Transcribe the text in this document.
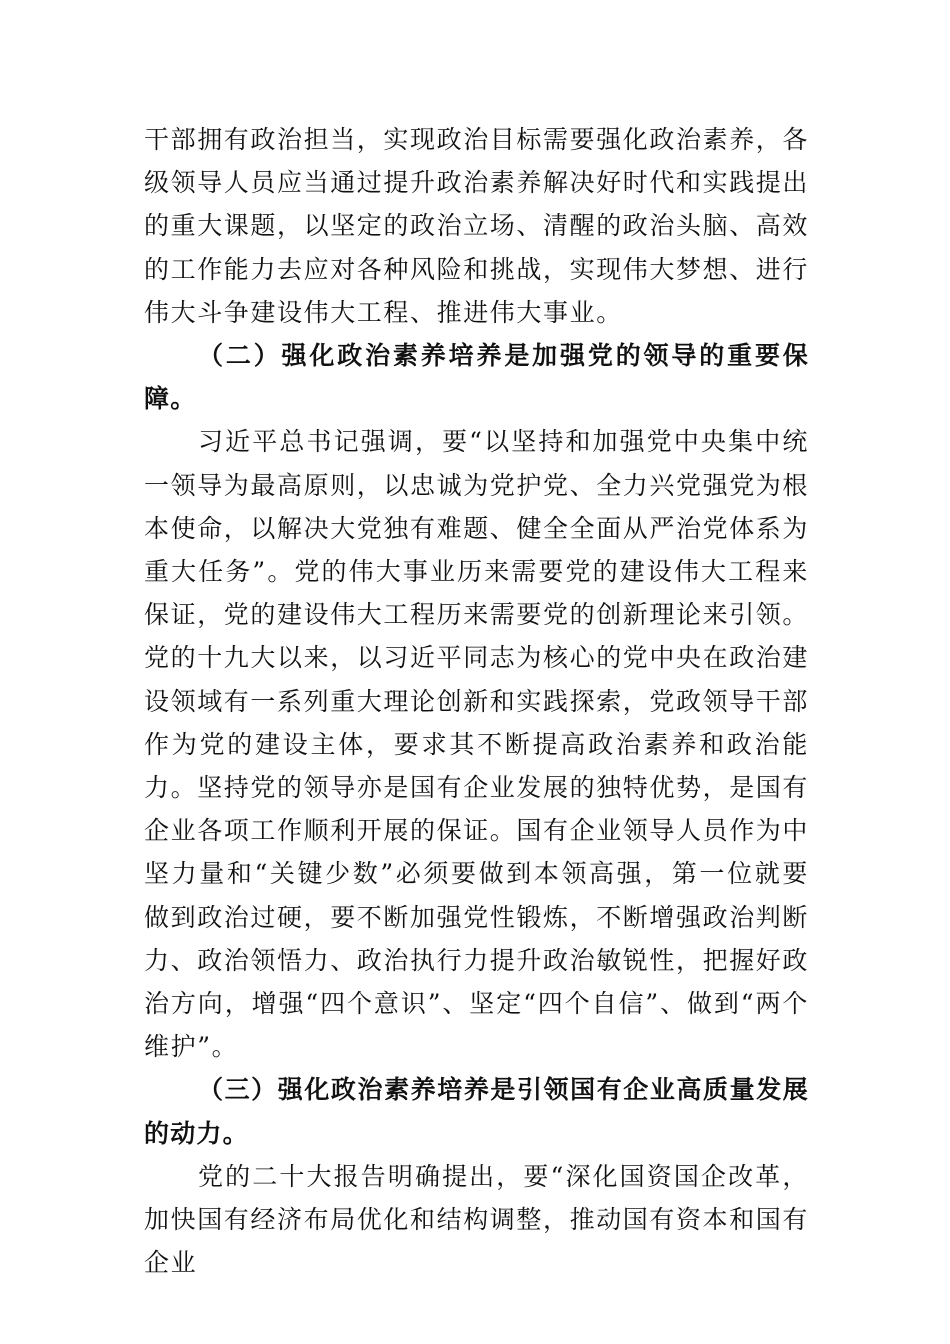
干部拥有政治担当，实现政治目标需要强化政治素养，各级领导人员应当通过提升政治素养解决好时代和实践提出的重大课题，以坚定的政治立场、清醒的政治头脑、高效的工作能力去应对各种风险和挑战，实现伟大梦想、进行伟大斗争建设伟大工程、推进伟大事业。

（二）强化政治素养培养是加强党的领导的重要保障。

习近平总书记强调，要“以坚持和加强党中央集中统一领导为最高原则，以忠诚为党护党、全力兴党强党为根本使命，以解决大党独有难题、健全全面从严治党体系为重大任务”。党的伟大事业历来需要党的建设伟大工程来保证，党的建设伟大工程历来需要党的创新理论来引领。党的十九大以来，以习近平同志为核心的党中央在政治建设领域有一系列重大理论创新和实践探索，党政领导干部作为党的建设主体，要求其不断提高政治素养和政治能力。坚持党的领导亦是国有企业发展的独特优势，是国有企业各项工作顺利开展的保证。国有企业领导人员作为中坚力量和“关键少数”必须要做到本领高强，第一位就要做到政治过硬，要不断加强党性锻炼，不断增强政治判断力、政治领悟力、政治执行力提升政治敏锐性，把握好政治方向，增强“四个意识”、坚定“四个自信”、做到“两个维护”。

（三）强化政治素养培养是引领国有企业高质量发展的动力。

党的二十大报告明确提出，要“深化国资国企改革，加快国有经济布局优化和结构调整，推动国有资本和国有企业
